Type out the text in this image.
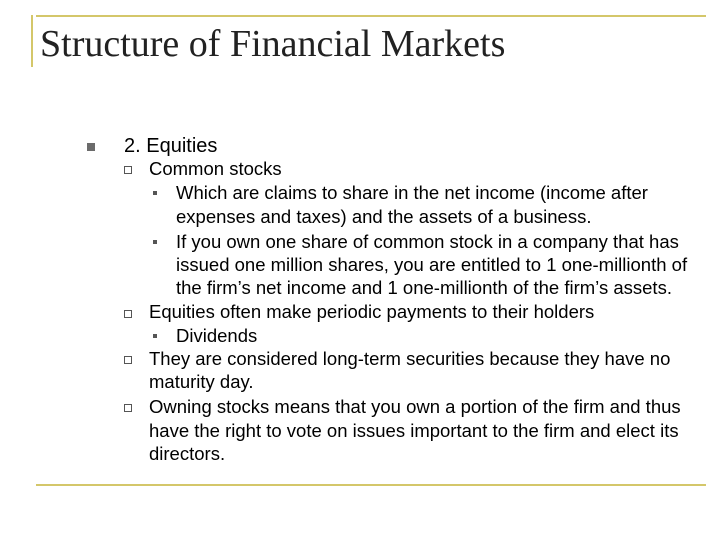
Structure of Financial Markets
2. Equities
Common stocks
Which are claims to share in the net income (income after
expenses and taxes) and the assets of a business.
If you own one share of common stock in a company that has
issued one million shares, you are entitled to 1 one-millionth of
the firm’s net income and 1 one-millionth of the firm’s assets.
Equities often make periodic payments to their holders
Dividends
They are considered long-term securities because they have no
maturity day.
Owning stocks means that you own a portion of the firm and thus
have the right to vote on issues important to the firm and elect its
directors.
